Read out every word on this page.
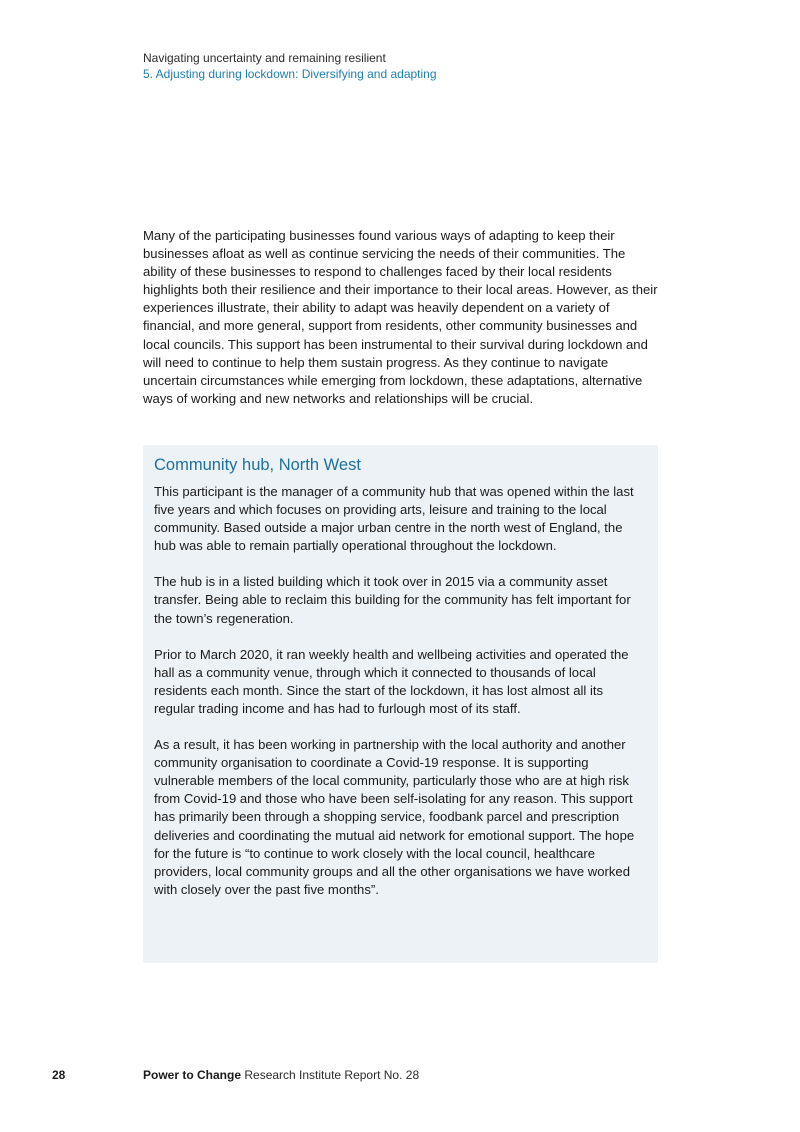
Navigating uncertainty and remaining resilient
5. Adjusting during lockdown: Diversifying and adapting

Many of the participating businesses found various ways of adapting to keep their businesses afloat as well as continue servicing the needs of their communities. The ability of these businesses to respond to challenges faced by their local residents highlights both their resilience and their importance to their local areas. However, as their experiences illustrate, their ability to adapt was heavily dependent on a variety of financial, and more general, support from residents, other community businesses and local councils. This support has been instrumental to their survival during lockdown and will need to continue to help them sustain progress. As they continue to navigate uncertain circumstances while emerging from lockdown, these adaptations, alternative ways of working and new networks and relationships will be crucial.

Community hub, North West

This participant is the manager of a community hub that was opened within the last five years and which focuses on providing arts, leisure and training to the local community. Based outside a major urban centre in the north west of England, the hub was able to remain partially operational throughout the lockdown.

The hub is in a listed building which it took over in 2015 via a community asset transfer. Being able to reclaim this building for the community has felt important for the town’s regeneration.

Prior to March 2020, it ran weekly health and wellbeing activities and operated the hall as a community venue, through which it connected to thousands of local residents each month. Since the start of the lockdown, it has lost almost all its regular trading income and has had to furlough most of its staff.

As a result, it has been working in partnership with the local authority and another community organisation to coordinate a Covid-19 response. It is supporting vulnerable members of the local community, particularly those who are at high risk from Covid-19 and those who have been self-isolating for any reason. This support has primarily been through a shopping service, foodbank parcel and prescription deliveries and coordinating the mutual aid network for emotional support. The hope for the future is “to continue to work closely with the local council, healthcare providers, local community groups and all the other organisations we have worked with closely over the past five months”.

28	Power to Change Research Institute Report No. 28
